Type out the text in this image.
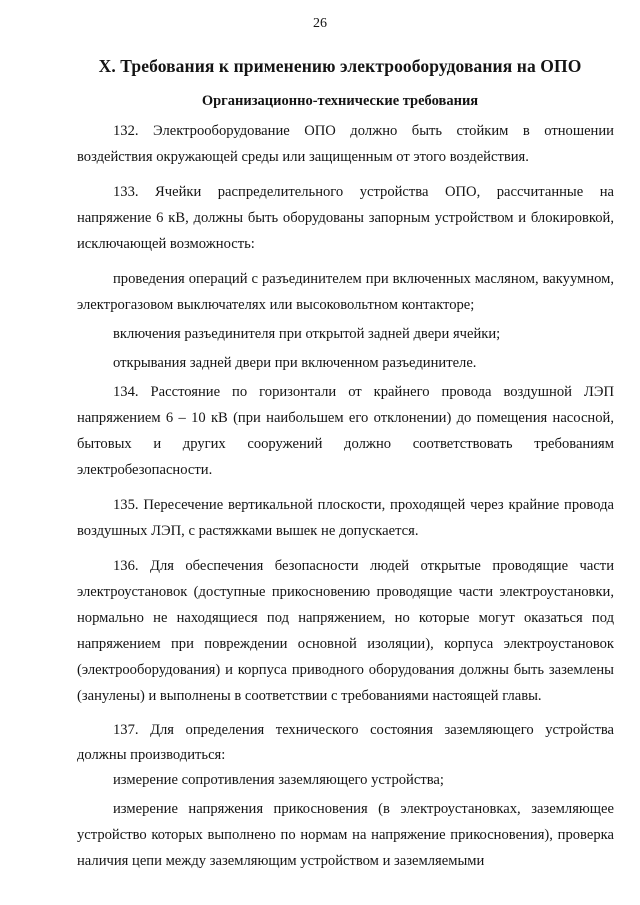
26
X. Требования к применению электрооборудования на ОПО
Организационно-технические требования

132. Электрооборудование ОПО должно быть стойким в отношении воздействия окружающей среды или защищенным от этого воздействия.

133. Ячейки распределительного устройства ОПО, рассчитанные на напряжение 6 кВ, должны быть оборудованы запорным устройством и блокировкой, исключающей возможность:

проведения операций с разъединителем при включенных масляном, вакуумном, электрогазовом выключателях или высоковольтном контакторе;

включения разъединителя при открытой задней двери ячейки;

открывания задней двери при включенном разъединителе.

134. Расстояние по горизонтали от крайнего провода воздушной ЛЭП напряжением 6 – 10 кВ (при наибольшем его отклонении) до помещения насосной, бытовых и других сооружений должно соответствовать требованиям электробезопасности.

135. Пересечение вертикальной плоскости, проходящей через крайние провода воздушных ЛЭП, с растяжками вышек не допускается.

136. Для обеспечения безопасности людей открытые проводящие части электроустановок (доступные прикосновению проводящие части электроустановки, нормально не находящиеся под напряжением, но которые могут оказаться под напряжением при повреждении основной изоляции), корпуса электроустановок (электрооборудования) и корпуса приводного оборудования должны быть заземлены (занулены) и выполнены в соответствии с требованиями настоящей главы.

137. Для определения технического состояния заземляющего устройства должны производиться:

измерение сопротивления заземляющего устройства;

измерение напряжения прикосновения (в электроустановках, заземляющее устройство которых выполнено по нормам на напряжение прикосновения), проверка наличия цепи между заземляющим устройством и заземляемыми
